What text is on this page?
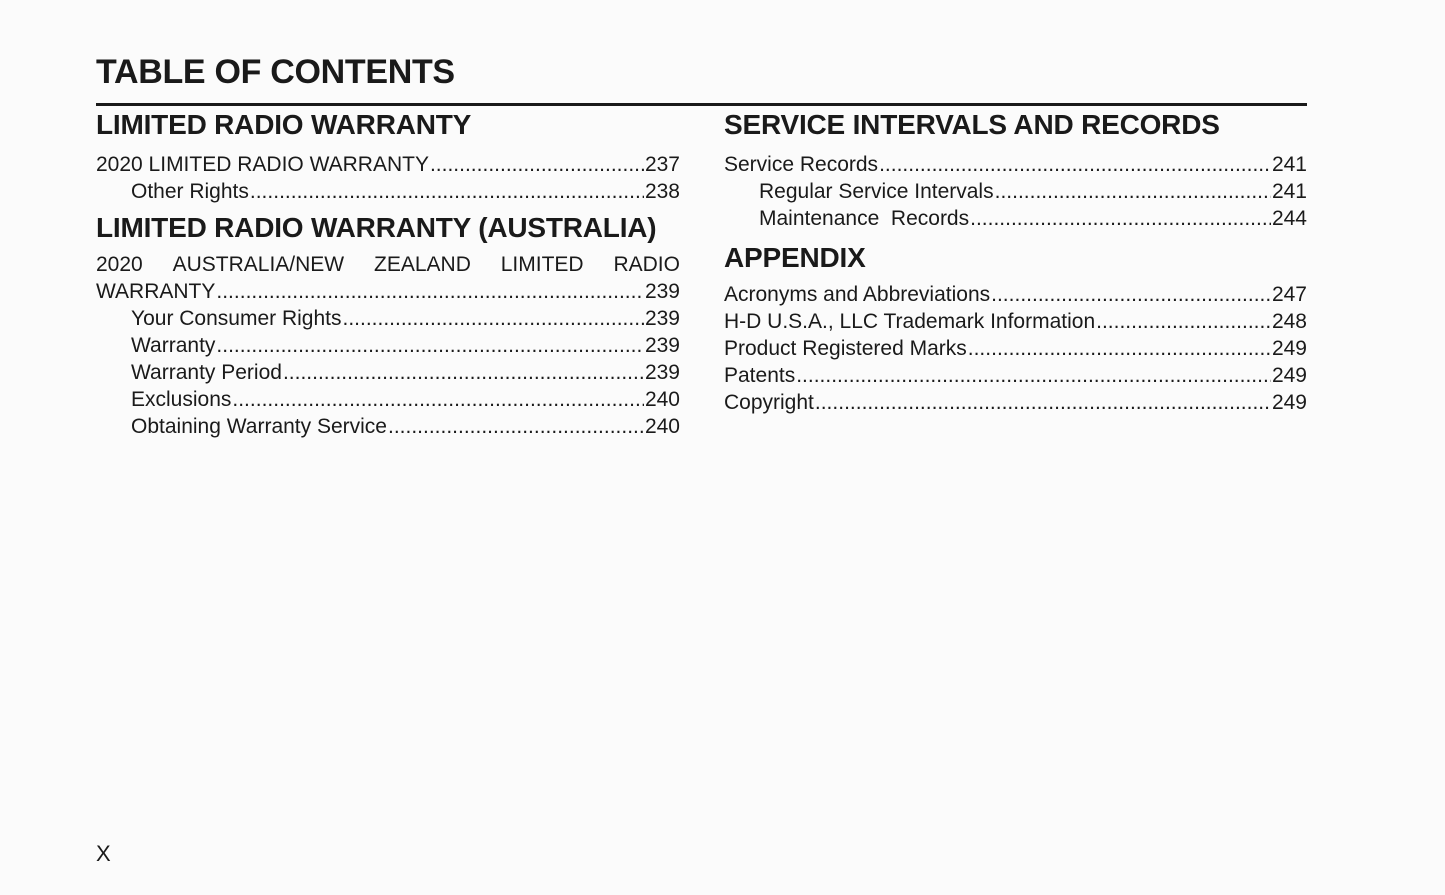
TABLE OF CONTENTS
LIMITED RADIO WARRANTY
2020 LIMITED RADIO WARRANTY .....	237
Other Rights .....	238
LIMITED RADIO WARRANTY (AUSTRALIA)
2020 AUSTRALIA/NEW ZEALAND LIMITED RADIO
WARRANTY .....	239
Your Consumer Rights .....	239
Warranty .....	239
Warranty Period .....	239
Exclusions .....	240
Obtaining Warranty Service .....	240
SERVICE INTERVALS AND RECORDS
Service Records .....	241
Regular Service Intervals .....	241
Maintenance  Records .....	244
APPENDIX
Acronyms and Abbreviations .....	247
H-D U.S.A., LLC Trademark Information .....	248
Product Registered Marks .....	249
Patents .....	249
Copyright .....	249
X
